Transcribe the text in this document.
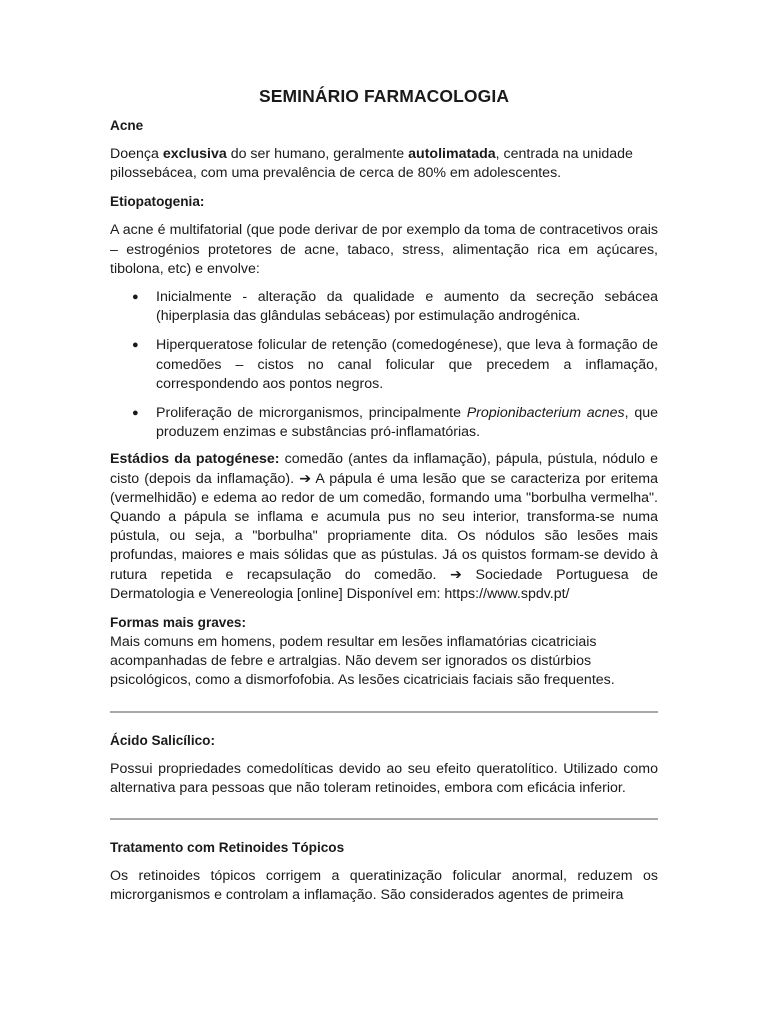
SEMINÁRIO FARMACOLOGIA
Acne

Doença exclusiva do ser humano, geralmente autolimatada, centrada na unidade pilossebácea, com uma prevalência de cerca de 80% em adolescentes.

Etiopatogenia:

A acne é multifatorial (que pode derivar de por exemplo da toma de contracetivos orais – estrogénios protetores de acne, tabaco, stress, alimentação rica em açúcares, tibolona, etc) e envolve:

● Inicialmente - alteração da qualidade e aumento da secreção sebácea (hiperplasia das glândulas sebáceas) por estimulação androgénica.
● Hiperqueratose folicular de retenção (comedogénese), que leva à formação de comedões – cistos no canal folicular que precedem a inflamação, correspondendo aos pontos negros.
● Proliferação de microrganismos, principalmente Propionibacterium acnes, que produzem enzimas e substâncias pró-inflamatórias.

Estádios da patogénese: comedão (antes da inflamação), pápula, pústula, nódulo e cisto (depois da inflamação). ➔ A pápula é uma lesão que se caracteriza por eritema (vermelhidão) e edema ao redor de um comedão, formando uma "borbulha vermelha". Quando a pápula se inflama e acumula pus no seu interior, transforma-se numa pústula, ou seja, a "borbulha" propriamente dita. Os nódulos são lesões mais profundas, maiores e mais sólidas que as pústulas. Já os quistos formam-se devido à rutura repetida e recapsulação do comedão. ➔ Sociedade Portuguesa de Dermatologia e Venereologia [online] Disponível em: https://www.spdv.pt/

Formas mais graves:

Mais comuns em homens, podem resultar em lesões inflamatórias cicatriciais acompanhadas de febre e artralgias. Não devem ser ignorados os distúrbios psicológicos, como a dismorfofobia. As lesões cicatriciais faciais são frequentes.

Ácido Salicílico:

Possui propriedades comedolíticas devido ao seu efeito queratolítico. Utilizado como alternativa para pessoas que não toleram retinoides, embora com eficácia inferior.

Tratamento com Retinoides Tópicos

Os retinoides tópicos corrigem a queratinização folicular anormal, reduzem os microrganismos e controlam a inflamação. São considerados agentes de primeira
